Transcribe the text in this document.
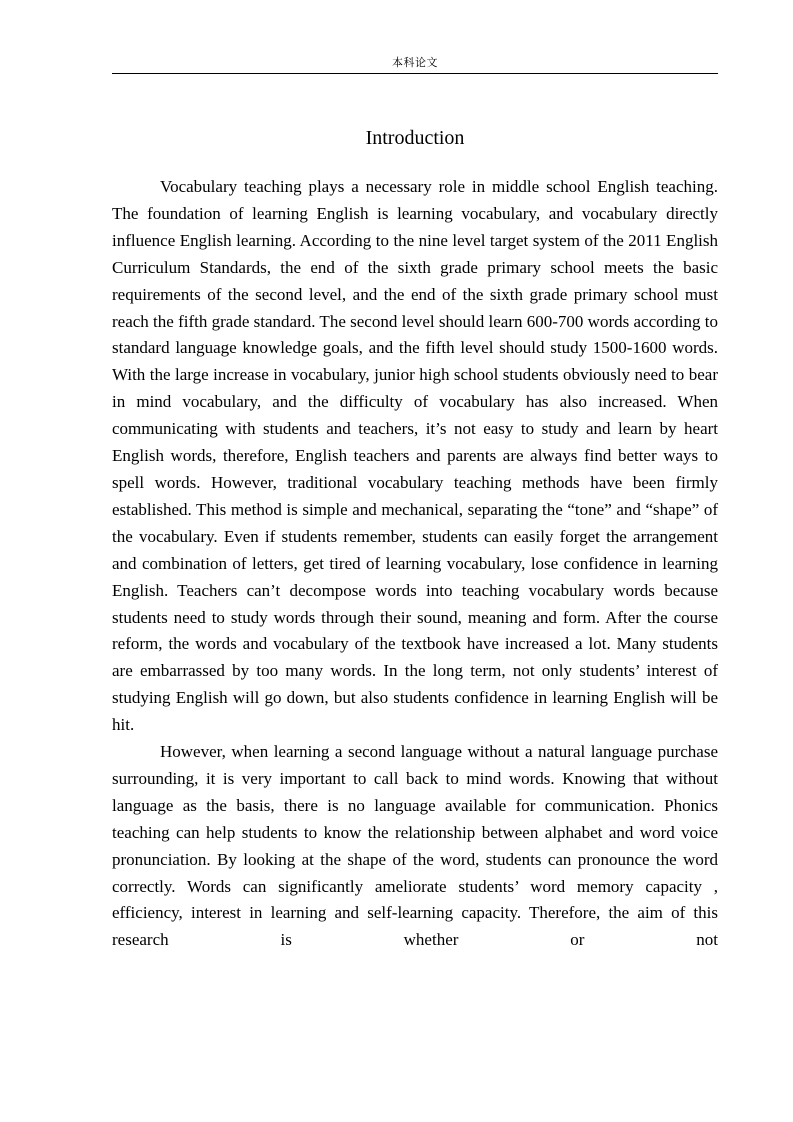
本科论文
Introduction

Vocabulary teaching plays a necessary role in middle school English teaching. The foundation of learning English is learning vocabulary, and vocabulary directly influence English learning. According to the nine level target system of the 2011 English Curriculum Standards, the end of the sixth grade primary school meets the basic requirements of the second level, and the end of the sixth grade primary school must reach the fifth grade standard. The second level should learn 600-700 words according to standard language knowledge goals, and the fifth level should study 1500-1600 words. With the large increase in vocabulary, junior high school students obviously need to bear in mind vocabulary, and the difficulty of vocabulary has also increased. When communicating with students and teachers, it’s not easy to study and learn by heart English words, therefore, English teachers and parents are always find better ways to spell words. However, traditional vocabulary teaching methods have been firmly established. This method is simple and mechanical, separating the “tone” and “shape” of the vocabulary. Even if students remember, students can easily forget the arrangement and combination of letters, get tired of learning vocabulary, lose confidence in learning English. Teachers can’t decompose words into teaching vocabulary words because students need to study words through their sound, meaning and form. After the course reform, the words and vocabulary of the textbook have increased a lot. Many students are embarrassed by too many words. In the long term, not only students’ interest of studying English will go down, but also students confidence in learning English will be hit.

However, when learning a second language without a natural language purchase surrounding, it is very important to call back to mind words. Knowing that without language as the basis, there is no language available for communication. Phonics teaching can help students to know the relationship between alphabet and word voice pronunciation. By looking at the shape of the word, students can pronounce the word correctly. Words can significantly ameliorate students’ word memory capacity , efficiency, interest in learning and self-learning capacity. Therefore, the aim of this research is whether or not
